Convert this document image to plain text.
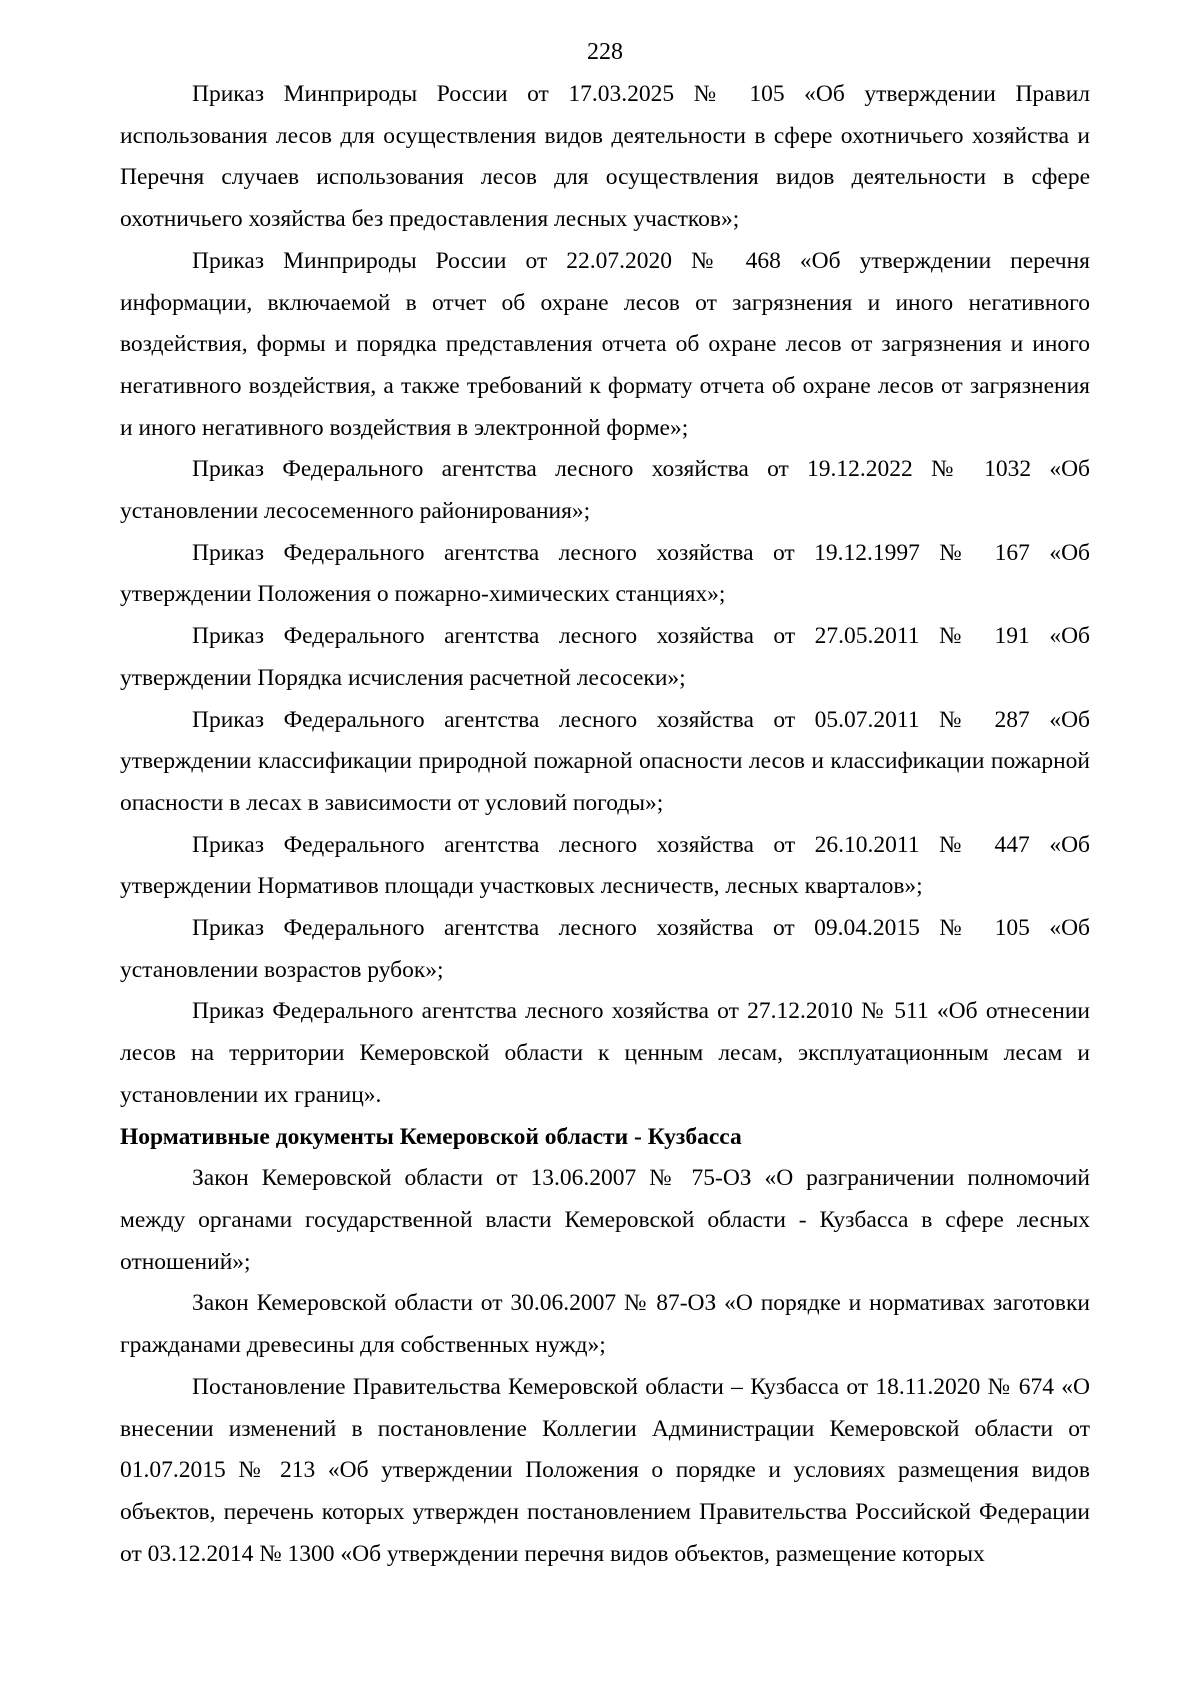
228

Приказ Минприроды России от 17.03.2025 № 105 «Об утверждении Правил использования лесов для осуществления видов деятельности в сфере охотничьего хозяйства и Перечня случаев использования лесов для осуществления видов деятельности в сфере охотничьего хозяйства без предоставления лесных участков»;

Приказ Минприроды России от 22.07.2020 № 468 «Об утверждении перечня информации, включаемой в отчет об охране лесов от загрязнения и иного негативного воздействия, формы и порядка представления отчета об охране лесов от загрязнения и иного негативного воздействия, а также требований к формату отчета об охране лесов от загрязнения и иного негативного воздействия в электронной форме»;

Приказ Федерального агентства лесного хозяйства от 19.12.2022 № 1032 «Об установлении лесосеменного районирования»;

Приказ Федерального агентства лесного хозяйства от 19.12.1997 № 167 «Об утверждении Положения о пожарно-химических станциях»;

Приказ Федерального агентства лесного хозяйства от 27.05.2011 № 191 «Об утверждении Порядка исчисления расчетной лесосеки»;

Приказ Федерального агентства лесного хозяйства от 05.07.2011 № 287 «Об утверждении классификации природной пожарной опасности лесов и классификации пожарной опасности в лесах в зависимости от условий погоды»;

Приказ Федерального агентства лесного хозяйства от 26.10.2011 № 447 «Об утверждении Нормативов площади участковых лесничеств, лесных кварталов»;

Приказ Федерального агентства лесного хозяйства от 09.04.2015 № 105 «Об установлении возрастов рубок»;

Приказ Федерального агентства лесного хозяйства от 27.12.2010 № 511 «Об отнесении лесов на территории Кемеровской области к ценным лесам, эксплуатационным лесам и установлении их границ».

Нормативные документы Кемеровской области - Кузбасса

Закон Кемеровской области от 13.06.2007 № 75-ОЗ «О разграничении полномочий между органами государственной власти Кемеровской области - Кузбасса в сфере лесных отношений»;

Закон Кемеровской области от 30.06.2007 № 87-ОЗ «О порядке и нормативах заготовки гражданами древесины для собственных нужд»;

Постановление Правительства Кемеровской области – Кузбасса от 18.11.2020 № 674 «О внесении изменений в постановление Коллегии Администрации Кемеровской области от 01.07.2015 № 213 «Об утверждении Положения о порядке и условиях размещения видов объектов, перечень которых утвержден постановлением Правительства Российской Федерации от 03.12.2014 № 1300 «Об утверждении перечня видов объектов, размещение которых
